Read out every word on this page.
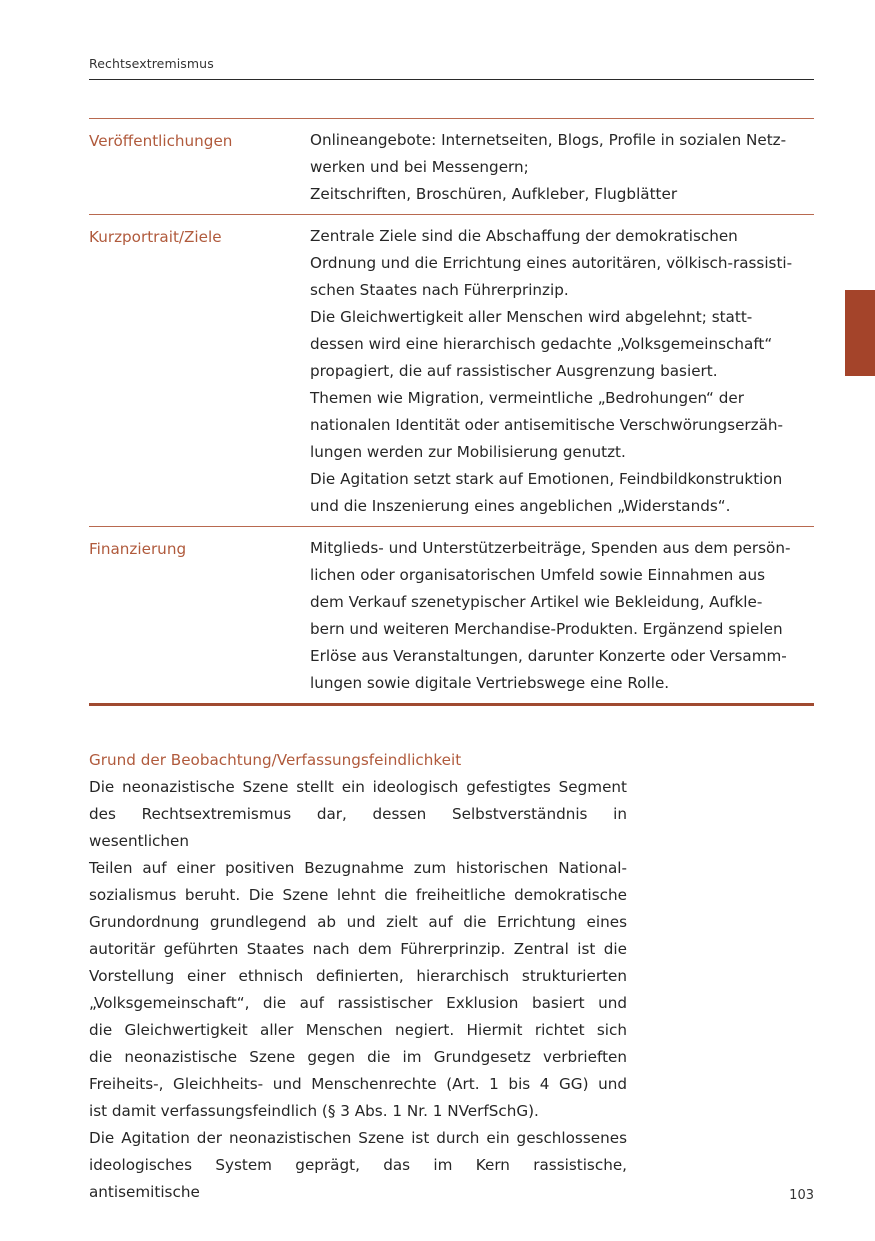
Rechtsextremismus
Veröffentlichungen	Onlineangebote: Internetseiten, Blogs, Profile in sozialen Netz-
werken und bei Messengern;
Zeitschriften, Broschüren, Aufkleber, Flugblätter
Kurzportrait/Ziele	Zentrale Ziele sind die Abschaffung der demokratischen
Ordnung und die Errichtung eines autoritären, völkisch-rassisti-
schen Staates nach Führerprinzip.
Die Gleichwertigkeit aller Menschen wird abgelehnt; statt-
dessen wird eine hierarchisch gedachte „Volksgemeinschaft“
propagiert, die auf rassistischer Ausgrenzung basiert.
Themen wie Migration, vermeintliche „Bedrohungen“ der
nationalen Identität oder antisemitische Verschwörungserzäh-
lungen werden zur Mobilisierung genutzt.
Die Agitation setzt stark auf Emotionen, Feindbildkonstruktion
und die Inszenierung eines angeblichen „Widerstands“.
Finanzierung	Mitglieds- und Unterstützerbeiträge, Spenden aus dem persön-
lichen oder organisatorischen Umfeld sowie Einnahmen aus
dem Verkauf szenetypischer Artikel wie Bekleidung, Aufkle-
bern und weiteren Merchandise-Produkten. Ergänzend spielen
Erlöse aus Veranstaltungen, darunter Konzerte oder Versamm-
lungen sowie digitale Vertriebswege eine Rolle.
Grund der Beobachtung/Verfassungsfeindlichkeit
Die neonazistische Szene stellt ein ideologisch gefestigtes Segment
des Rechtsextremismus dar, dessen Selbstverständnis in wesentlichen
Teilen auf einer positiven Bezugnahme zum historischen National-
sozialismus beruht. Die Szene lehnt die freiheitliche demokratische
Grundordnung grundlegend ab und zielt auf die Errichtung eines
autoritär geführten Staates nach dem Führerprinzip. Zentral ist die
Vorstellung einer ethnisch definierten, hierarchisch strukturierten
„Volksgemeinschaft“, die auf rassistischer Exklusion basiert und
die Gleichwertigkeit aller Menschen negiert. Hiermit richtet sich
die neonazistische Szene gegen die im Grundgesetz verbrieften
Freiheits-, Gleichheits- und Menschenrechte (Art. 1 bis 4 GG) und
ist damit verfassungsfeindlich (§ 3 Abs. 1 Nr. 1 NVerfSchG).
Die Agitation der neonazistischen Szene ist durch ein geschlossenes
ideologisches System geprägt, das im Kern rassistische, antisemitische	103
